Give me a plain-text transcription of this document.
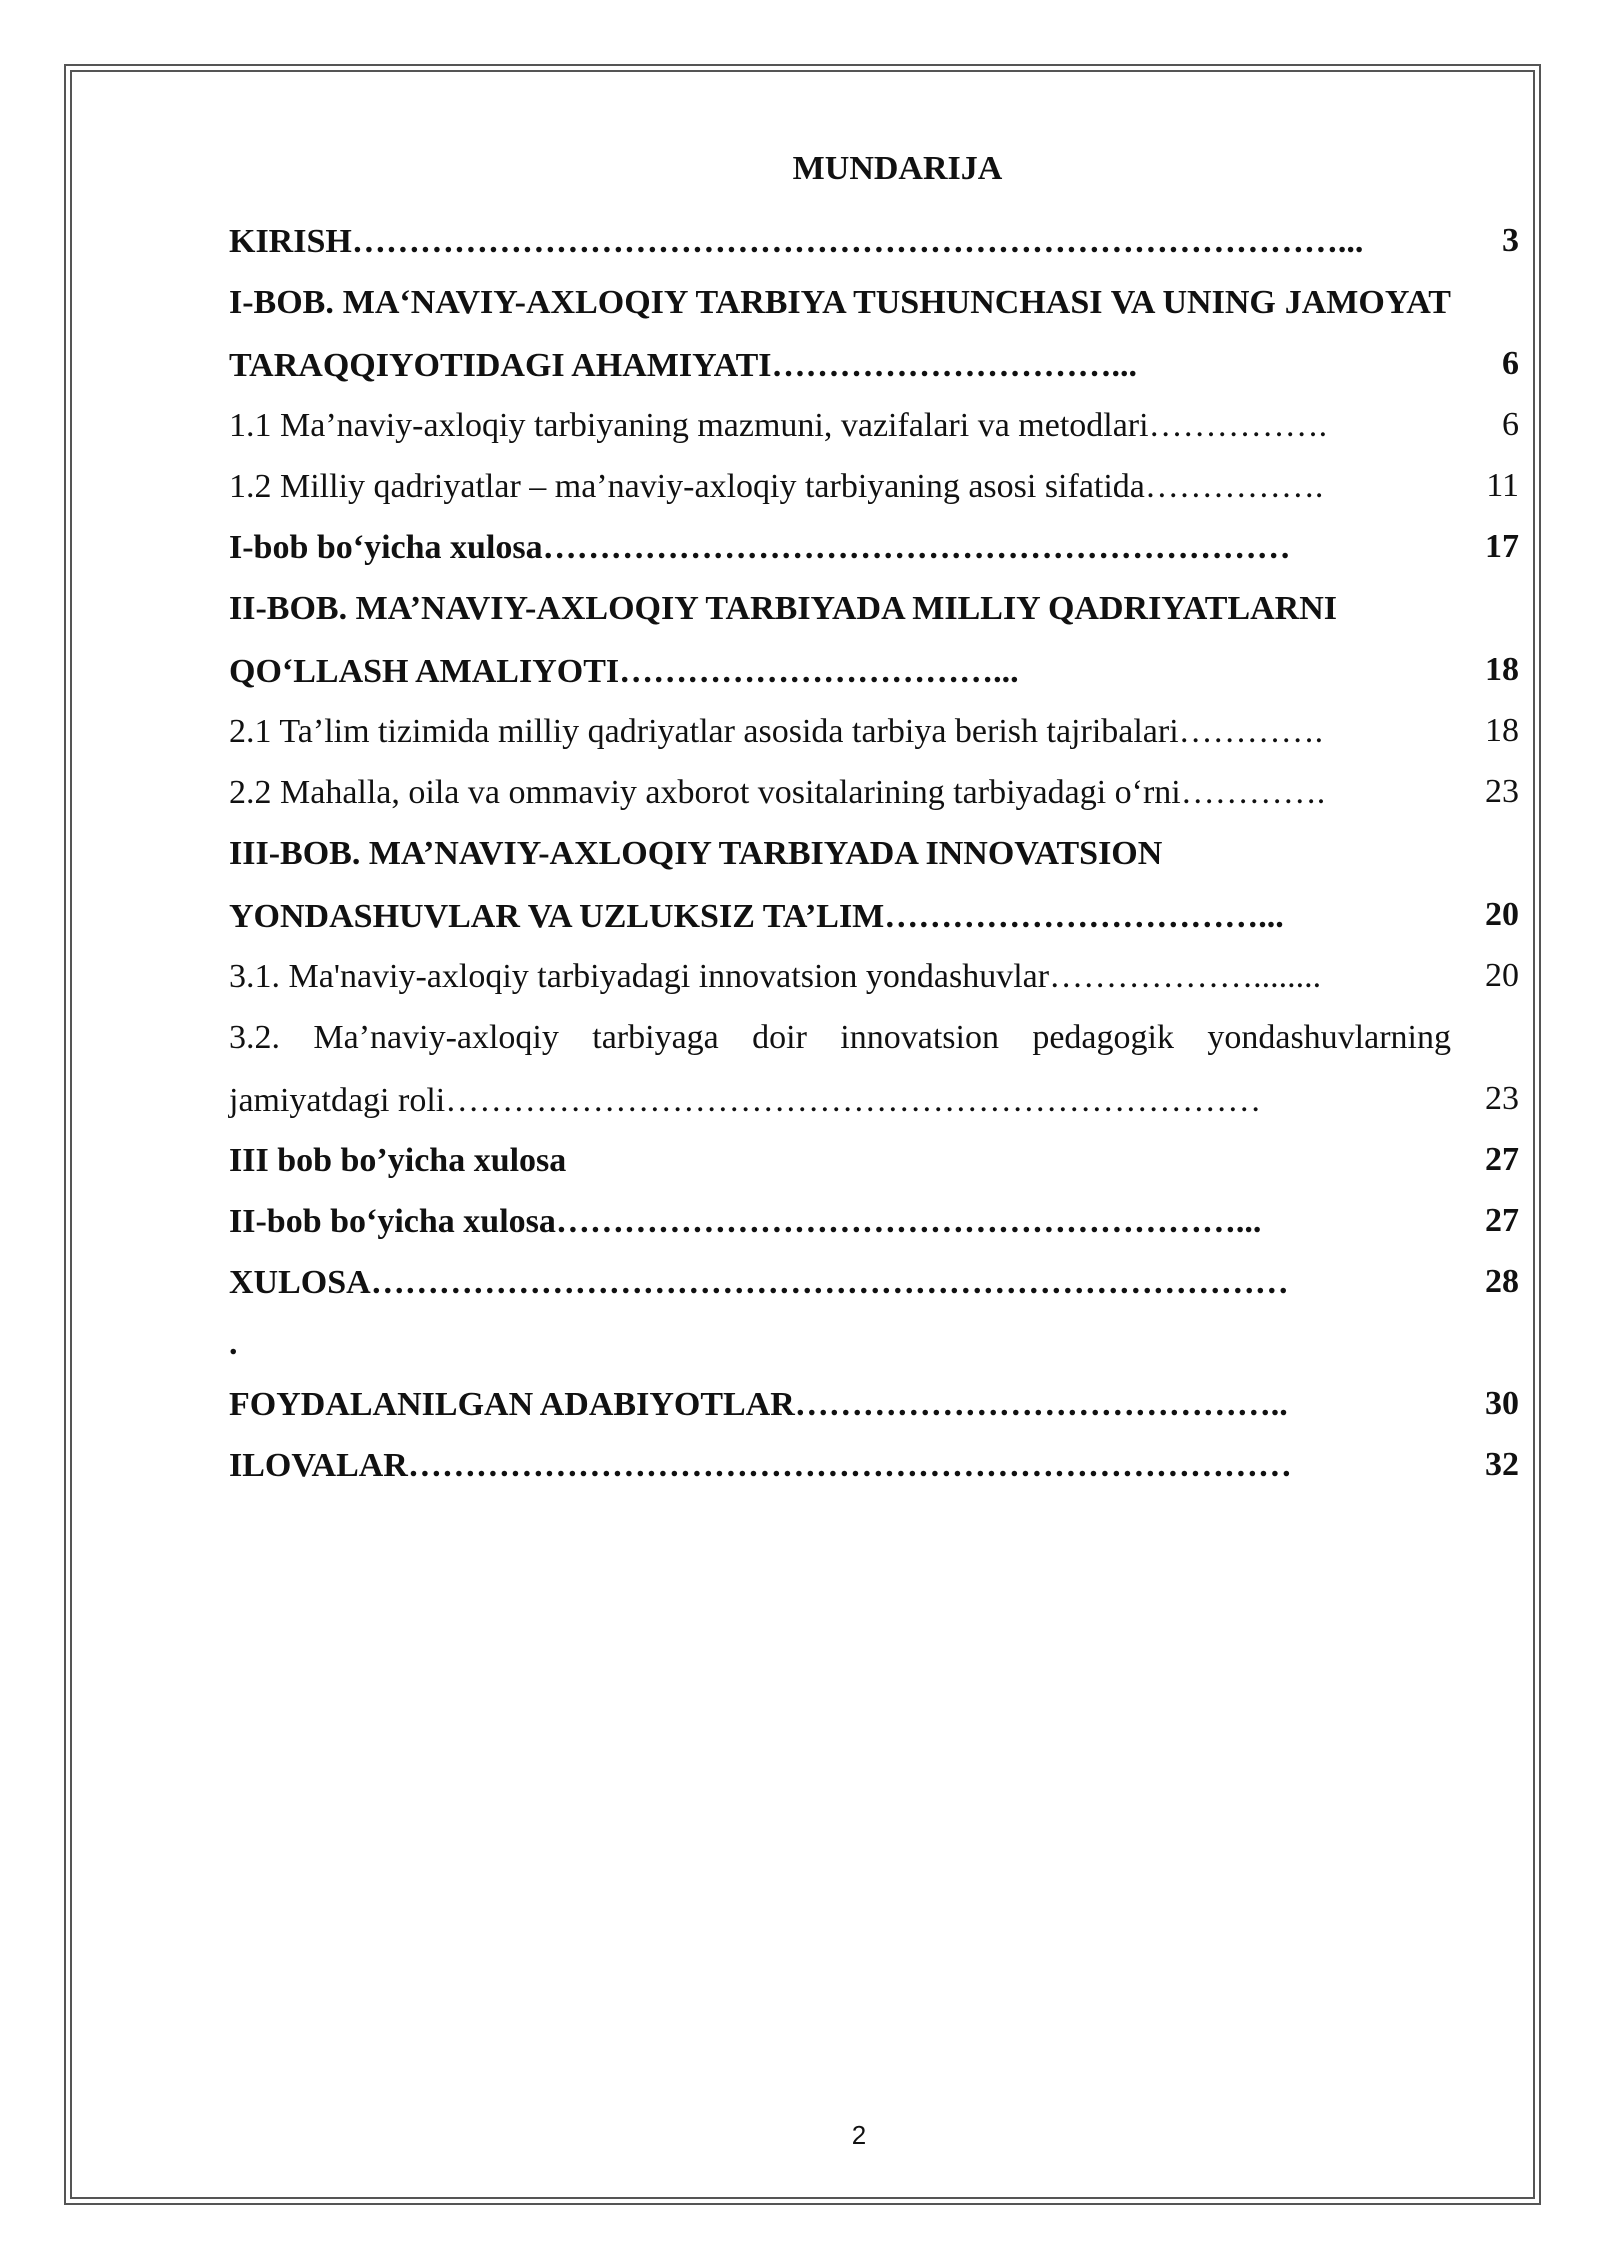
MUNDARIJA
KIRISH……………………………………………………………………………...	3
I-BOB. MA‘NAVIY-AXLOQIY TARBIYA TUSHUNCHASI VA UNING JAMOYAT TARAQQIYOTIDAGI AHAMIYATI…………………………...	6
1.1 Ma’naviy-axloqiy tarbiyaning mazmuni, vazifalari va metodlari…………….	6
1.2 Milliy qadriyatlar – ma’naviy-axloqiy tarbiyaning asosi sifatida…………….	11
I-bob bo‘yicha xulosa…………………………………………………………	17
II-BOB. MA’NAVIY-AXLOQIY TARBIYADA MILLIY QADRIYATLARNI QO‘LLASH AMALIYOTI……………………………...	18
2.1 Ta’lim tizimida milliy qadriyatlar asosida tarbiya berish tajribalari………….	18
2.2 Mahalla, oila va ommaviy axborot vositalarining tarbiyadagi o‘rni………….	23
III-BOB. MA’NAVIY-AXLOQIY TARBIYADA INNOVATSION YONDASHUVLAR VA UZLUKSIZ TA’LIM……………………………...	20
3.1. Ma'naviy-axloqiy tarbiyadagi innovatsion yondashuvlar………………........	20
3.2. Ma’naviy-axloqiy tarbiyaga doir innovatsion pedagogik yondashuvlarning jamiyatdagi roli………………………………………………………………	23
III bob bo’yicha xulosa	27
II-bob bo‘yicha xulosa……………………………………………………...	27
XULOSA………………………………………………………………………	28
.
FOYDALANILGAN ADABIYOTLAR……………………………………..	30
ILOVALAR……………………………………………………………………	32
2
